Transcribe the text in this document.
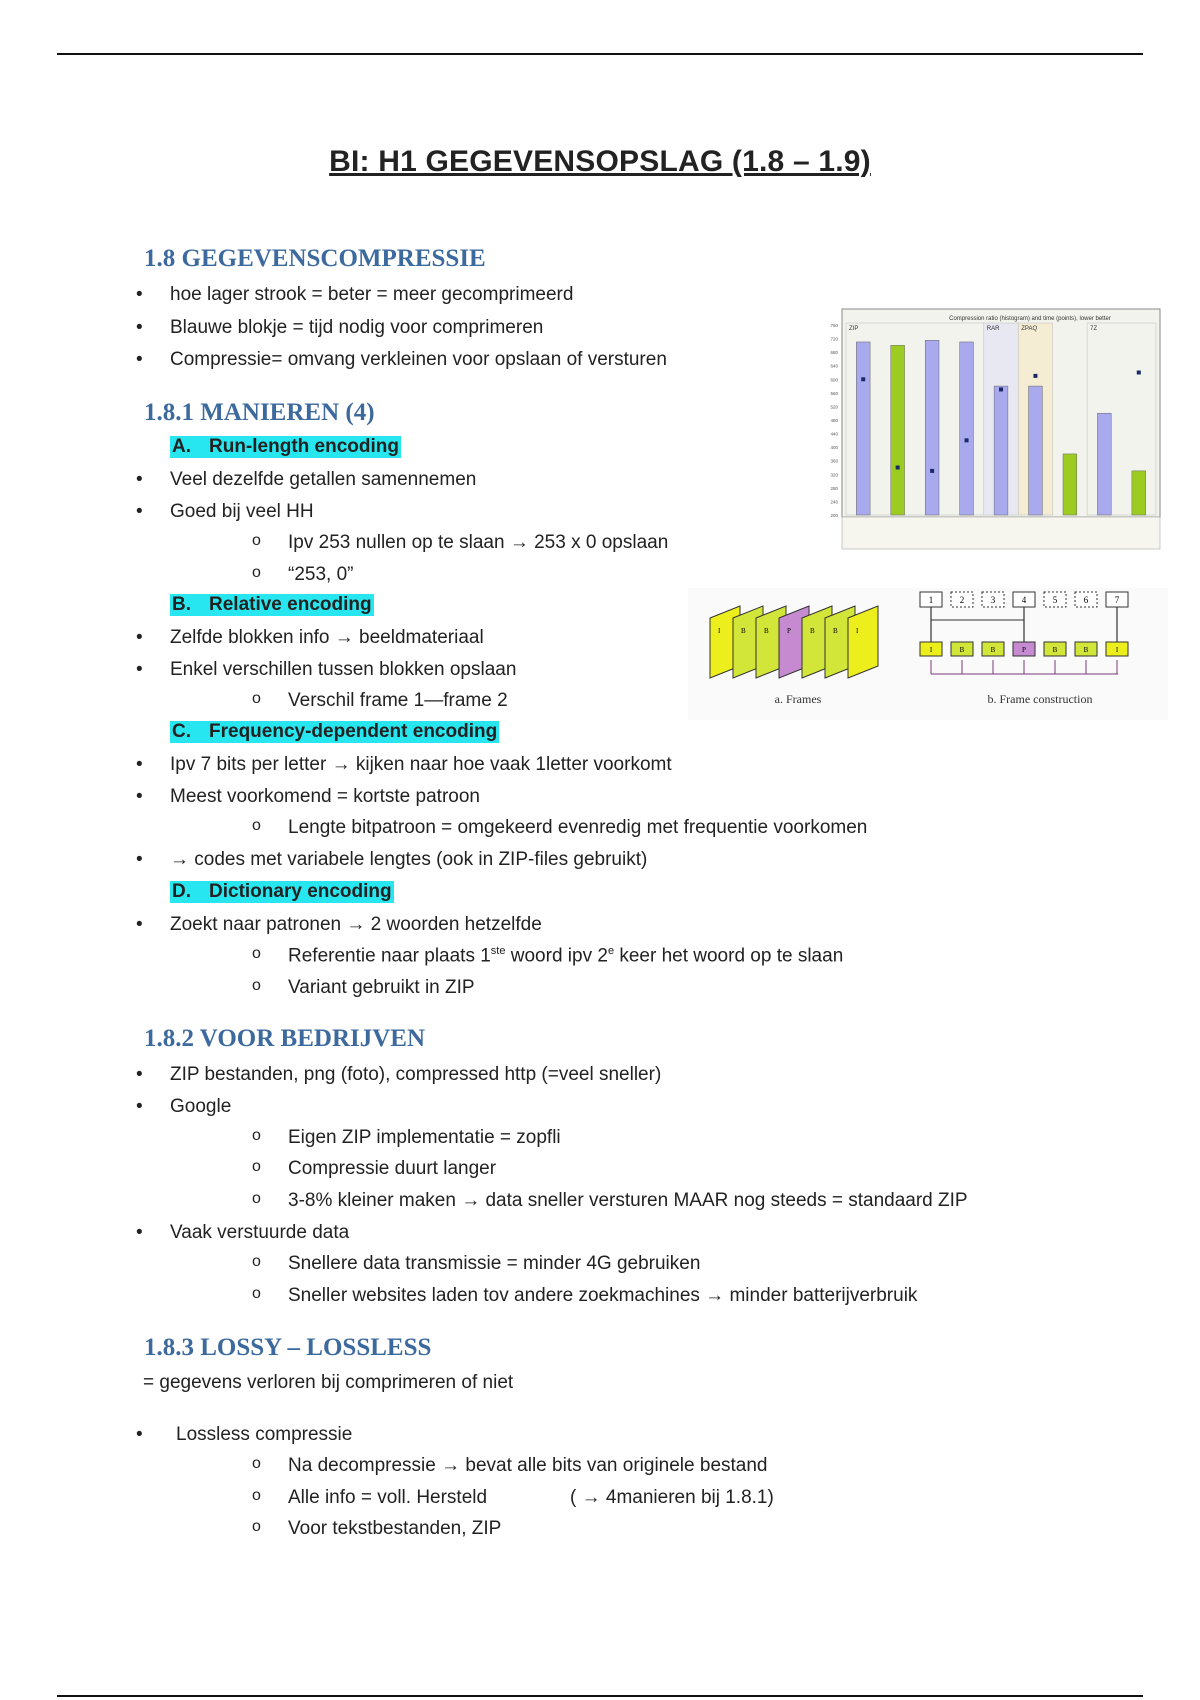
BI: H1 GEGEVENSOPSLAG (1.8 – 1.9)
1.8 GEGEVENSCOMPRESSIE
• hoe lager strook = beter = meer gecomprimeerd
• Blauwe blokje = tijd nodig voor comprimeren
• Compressie= omvang verkleinen voor opslaan of versturen
1.8.1 MANIEREN (4)
A. Run-length encoding
• Veel dezelfde getallen samennemen
• Goed bij veel HH
o Ipv 253 nullen op te slaan → 253 x 0 opslaan
o “253, 0”
B. Relative encoding
• Zelfde blokken info → beeldmateriaal
• Enkel verschillen tussen blokken opslaan
o Verschil frame 1—frame 2
C. Frequency-dependent encoding
• Ipv 7 bits per letter → kijken naar hoe vaak 1letter voorkomt
• Meest voorkomend = kortste patroon
o Lengte bitpatroon = omgekeerd evenredig met frequentie voorkomen
• → codes met variabele lengtes (ook in ZIP-files gebruikt)
D. Dictionary encoding
• Zoekt naar patronen → 2 woorden hetzelfde
o Referentie naar plaats 1ste woord ipv 2e keer het woord op te slaan
o Variant gebruikt in ZIP
1.8.2 VOOR BEDRIJVEN
• ZIP bestanden, png (foto), compressed http (=veel sneller)
• Google
o Eigen ZIP implementatie = zopfli
o Compressie duurt langer
o 3-8% kleiner maken → data sneller versturen MAAR nog steeds = standaard ZIP
• Vaak verstuurde data
o Snellere data transmissie = minder 4G gebruiken
o Sneller websites laden tov andere zoekmachines → minder batterijverbruik
1.8.3 LOSSY – LOSSLESS
= gegevens verloren bij comprimeren of niet
• Lossless compressie
o Na decompressie → bevat alle bits van originele bestand
o Alle info = voll. Hersteld	( → 4manieren bij 1.8.1)
o Voor tekstbestanden, ZIP
Compression ratio (histogram) and time (points), lower better
ZIP	RAR	ZPAQ	7Z
200
240
280
320
360
400
440
480
520
560
600
640
680
720
760
I	B	B	P	B	B	I
a. Frames
1
I
2
B
3
B
4
P
5
B
6
B
7
I
b. Frame construction
